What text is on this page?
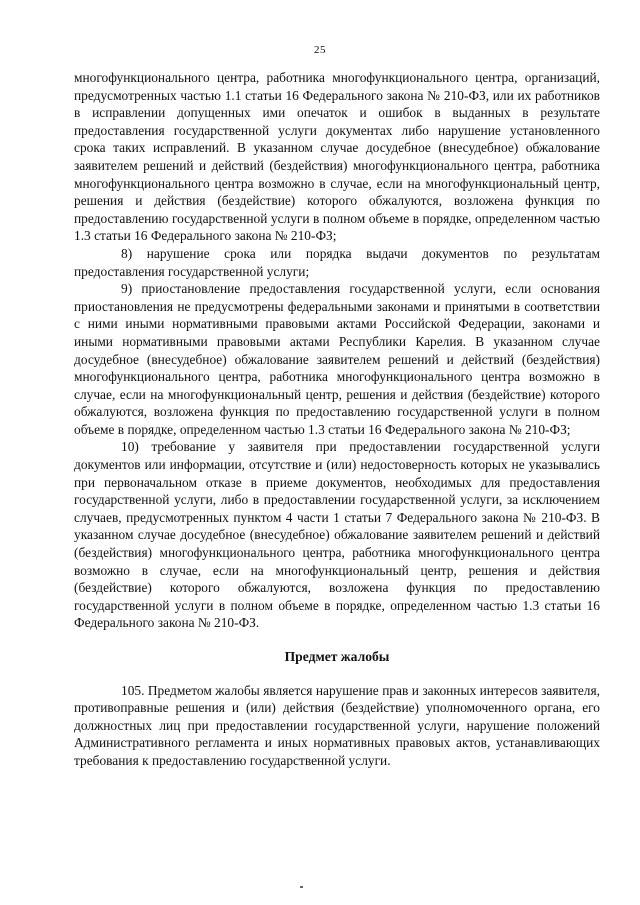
25

многофункционального центра, работника многофункционального центра, организаций, предусмотренных частью 1.1 статьи 16 Федерального закона № 210-ФЗ, или их работников в исправлении допущенных ими опечаток и ошибок в выданных в результате предоставления государственной услуги документах либо нарушение установленного срока таких исправлений. В указанном случае досудебное (внесудебное) обжалование заявителем решений и действий (бездействия) многофункционального центра, работника многофункционального центра возможно в случае, если на многофункциональный центр, решения и действия (бездействие) которого обжалуются, возложена функция по предоставлению государственной услуги в полном объеме в порядке, определенном частью 1.3 статьи 16 Федерального закона № 210-ФЗ;

8) нарушение срока или порядка выдачи документов по результатам предоставления государственной услуги;

9) приостановление предоставления государственной услуги, если основания приостановления не предусмотрены федеральными законами и принятыми в соответствии с ними иными нормативными правовыми актами Российской Федерации, законами и иными нормативными правовыми актами Республики Карелия. В указанном случае досудебное (внесудебное) обжалование заявителем решений и действий (бездействия) многофункционального центра, работника многофункционального центра возможно в случае, если на многофункциональный центр, решения и действия (бездействие) которого обжалуются, возложена функция по предоставлению государственной услуги в полном объеме в порядке, определенном частью 1.3 статьи 16 Федерального закона № 210-ФЗ;

10) требование у заявителя при предоставлении государственной услуги документов или информации, отсутствие и (или) недостоверность которых не указывались при первоначальном отказе в приеме документов, необходимых для предоставления государственной услуги, либо в предоставлении государственной услуги, за исключением случаев, предусмотренных пунктом 4 части 1 статьи 7 Федерального закона № 210-ФЗ. В указанном случае досудебное (внесудебное) обжалование заявителем решений и действий (бездействия) многофункционального центра, работника многофункционального центра возможно в случае, если на многофункциональный центр, решения и действия (бездействие) которого обжалуются, возложена функция по предоставлению государственной услуги в полном объеме в порядке, определенном частью 1.3 статьи 16 Федерального закона № 210-ФЗ.

Предмет жалобы

105. Предметом жалобы является нарушение прав и законных интересов заявителя, противоправные решения и (или) действия (бездействие) уполномоченного органа, его должностных лиц при предоставлении государственной услуги, нарушение положений Административного регламента и иных нормативных правовых актов, устанавливающих требования к предоставлению государственной услуги.
